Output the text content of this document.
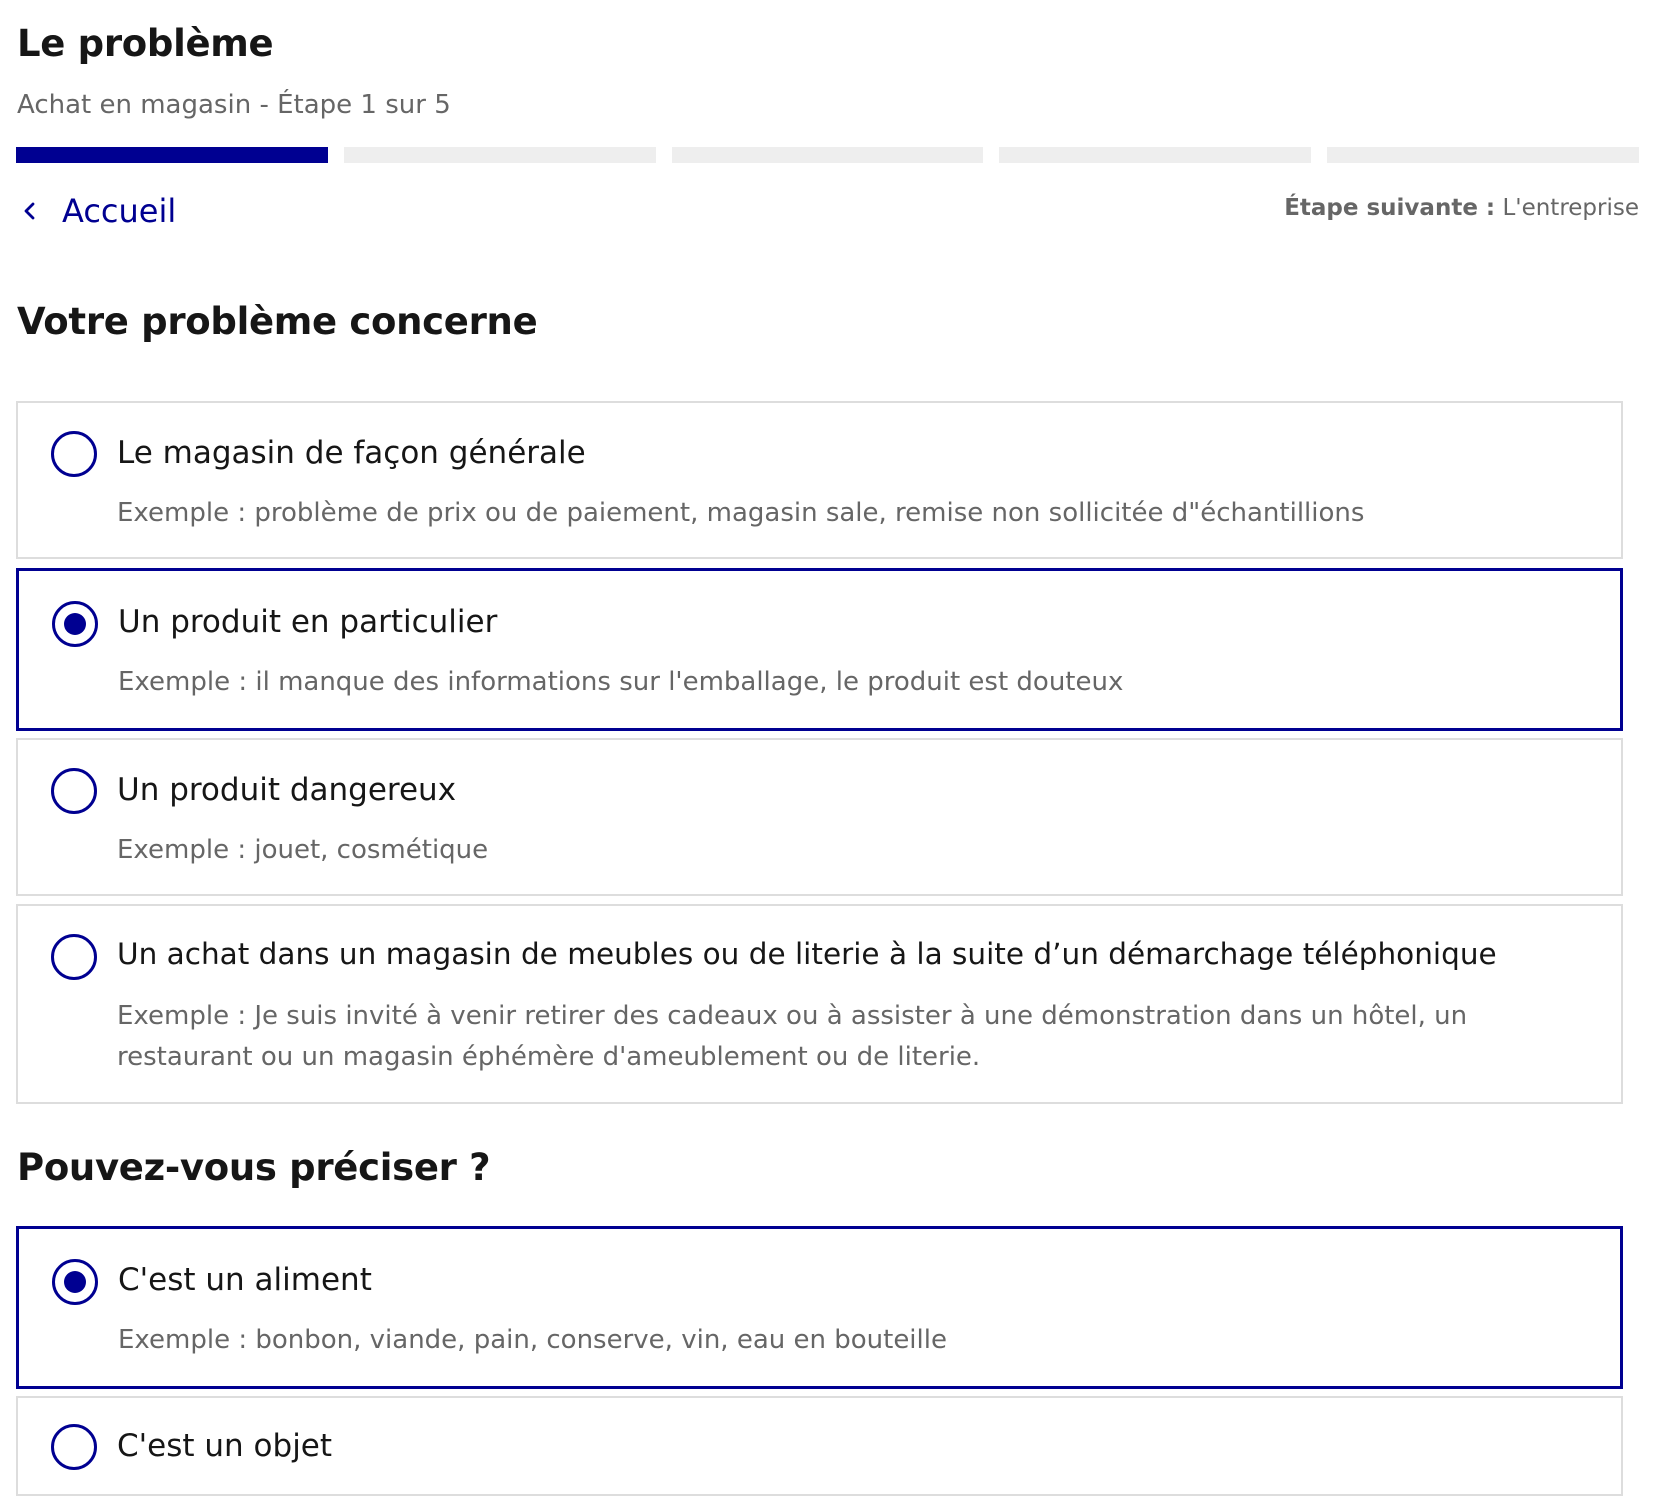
Le problème
Achat en magasin - Étape 1 sur 5
Accueil	Étape suivante : L'entreprise
Votre problème concerne
Le magasin de façon générale
Exemple : problème de prix ou de paiement, magasin sale, remise non sollicitée d"échantillions
Un produit en particulier
Exemple : il manque des informations sur l'emballage, le produit est douteux
Un produit dangereux
Exemple : jouet, cosmétique
Un achat dans un magasin de meubles ou de literie à la suite d’un démarchage téléphonique
Exemple : Je suis invité à venir retirer des cadeaux ou à assister à une démonstration dans un hôtel, un restaurant ou un magasin éphémère d'ameublement ou de literie.
Pouvez-vous préciser ?
C'est un aliment
Exemple : bonbon, viande, pain, conserve, vin, eau en bouteille
C'est un objet
